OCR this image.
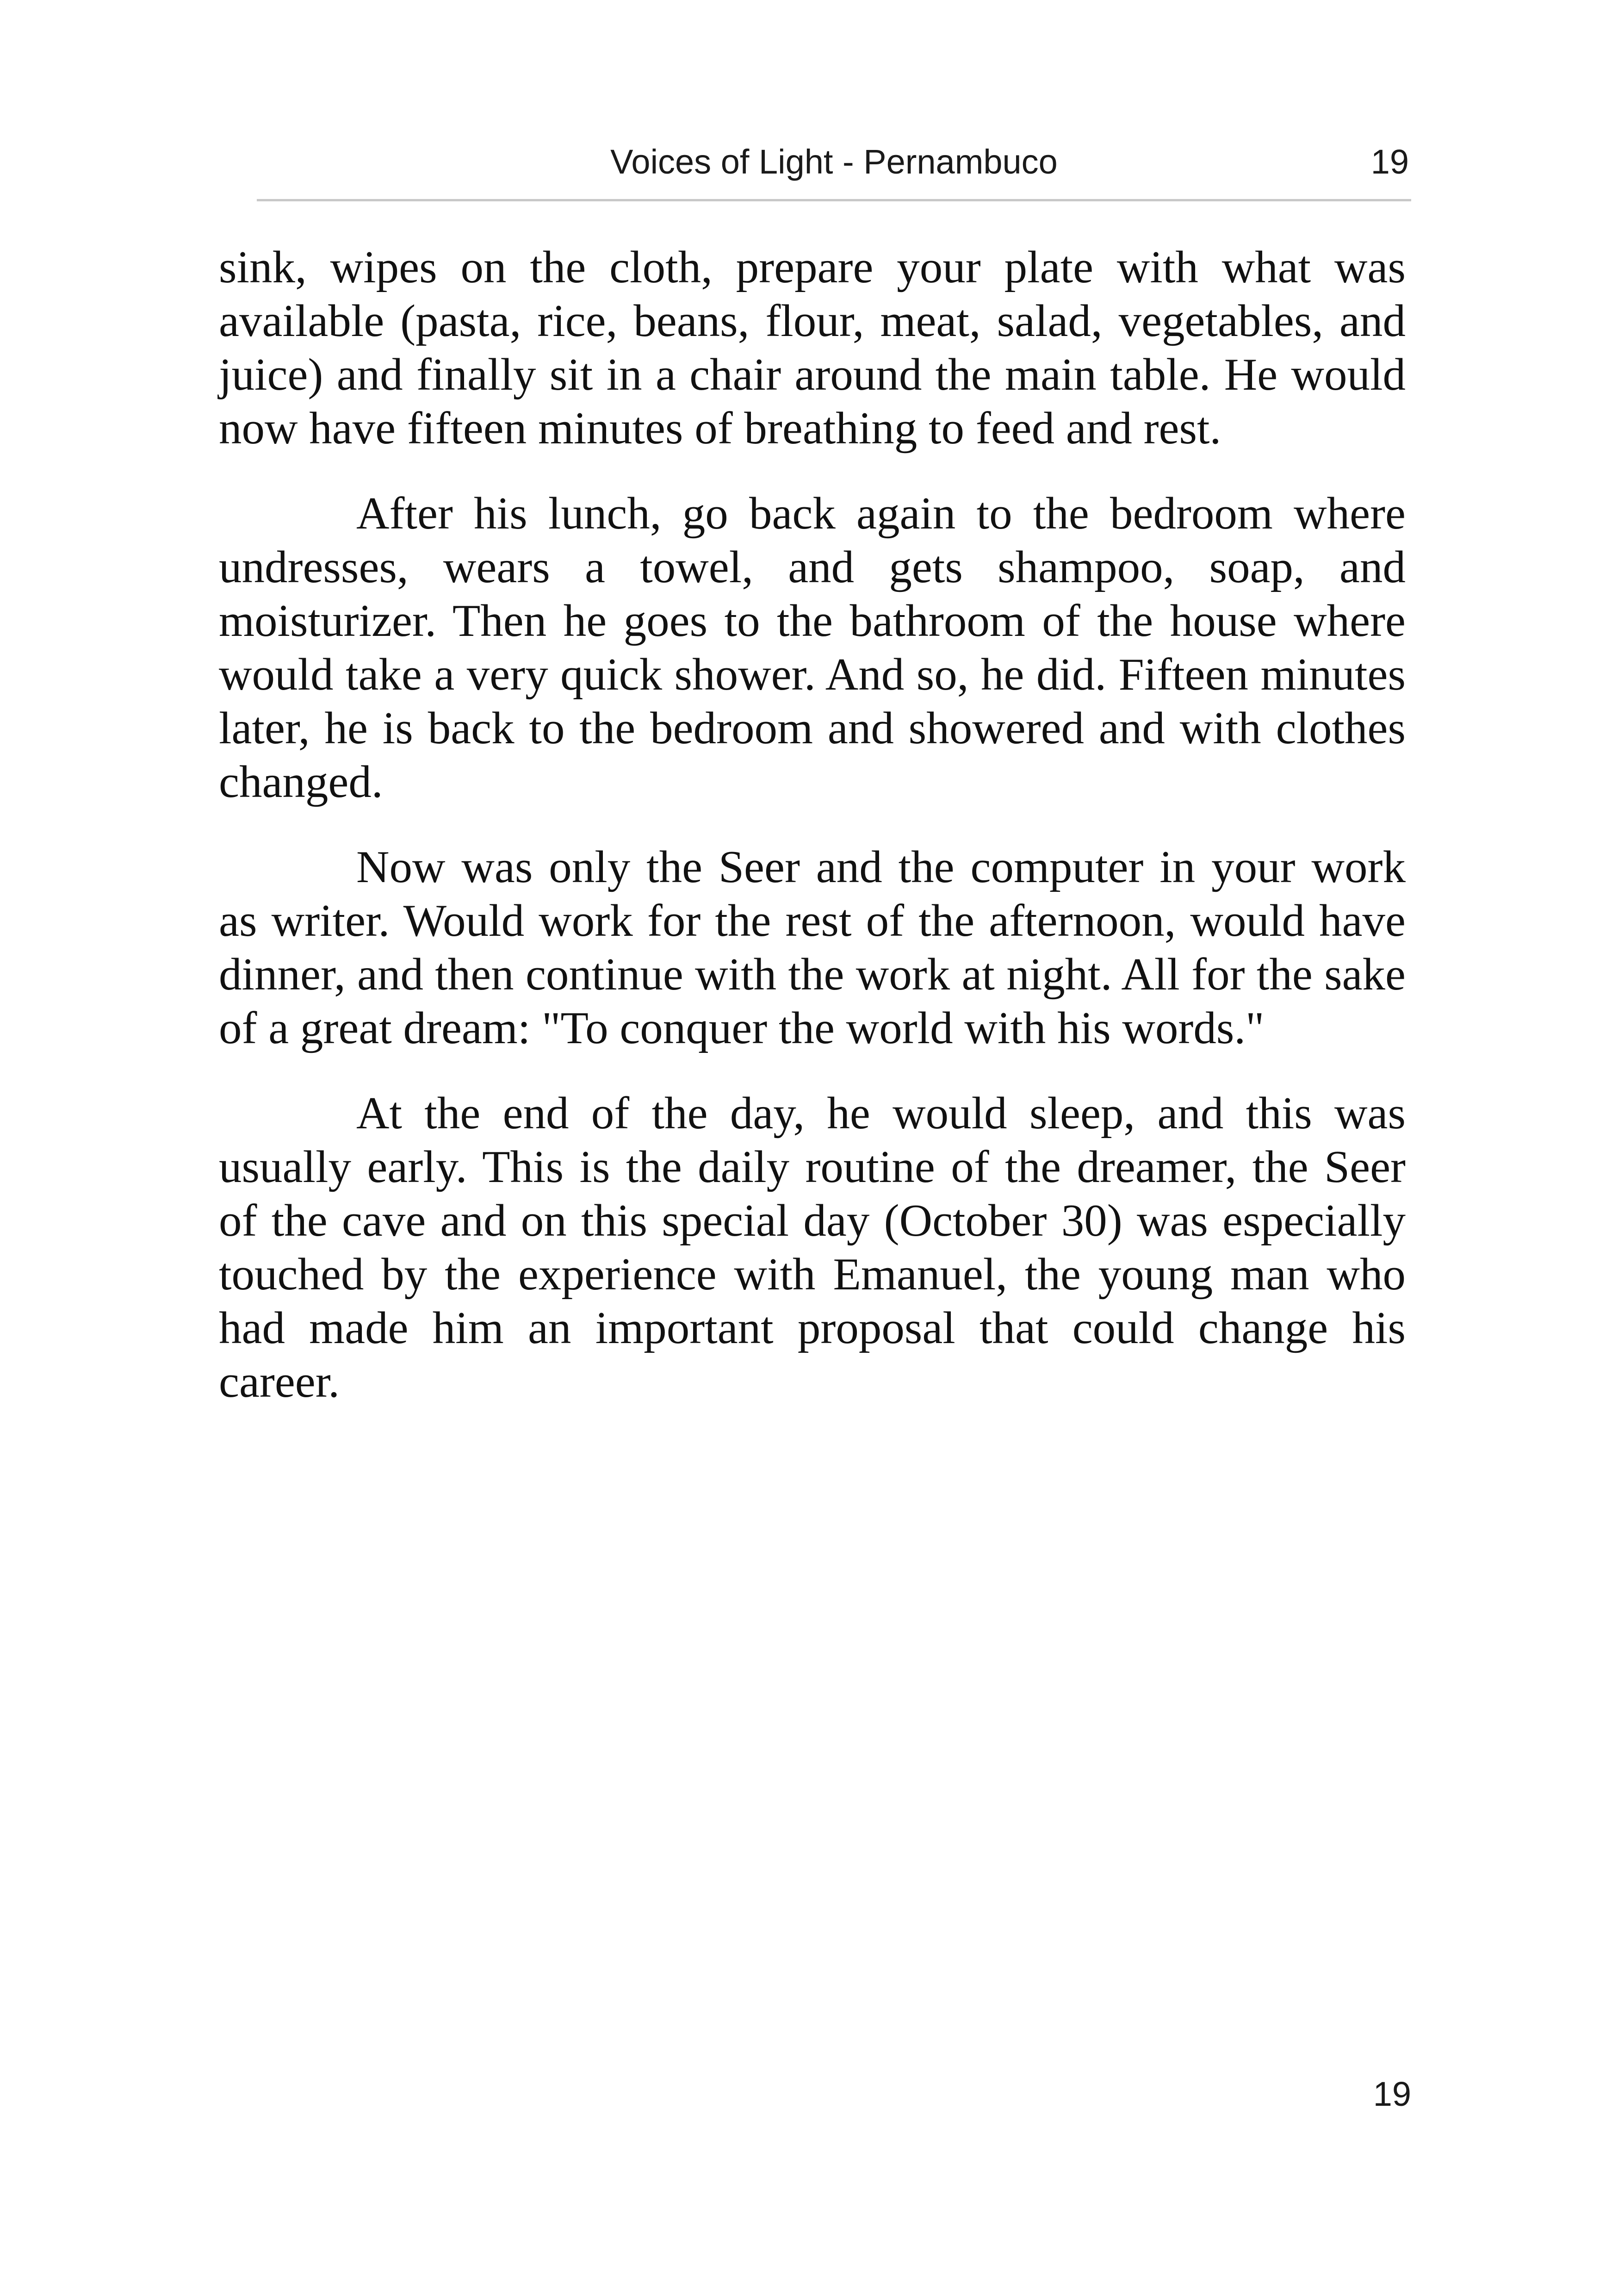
Voices of Light - Pernambuco	19

sink, wipes on the cloth, prepare your plate with what was available (pasta, rice, beans, flour, meat, salad, vegetables, and juice) and finally sit in a chair around the main table. He would now have fifteen minutes of breathing to feed and rest.

After his lunch, go back again to the bedroom where undresses, wears a towel, and gets shampoo, soap, and moisturizer. Then he goes to the bathroom of the house where would take a very quick shower. And so, he did. Fifteen minutes later, he is back to the bedroom and showered and with clothes changed.

Now was only the Seer and the computer in your work as writer. Would work for the rest of the afternoon, would have dinner, and then continue with the work at night. All for the sake of a great dream: "To conquer the world with his words."

At the end of the day, he would sleep, and this was usually early. This is the daily routine of the dreamer, the Seer of the cave and on this special day (October 30) was especially touched by the experience with Emanuel, the young man who had made him an important proposal that could change his career.

19
